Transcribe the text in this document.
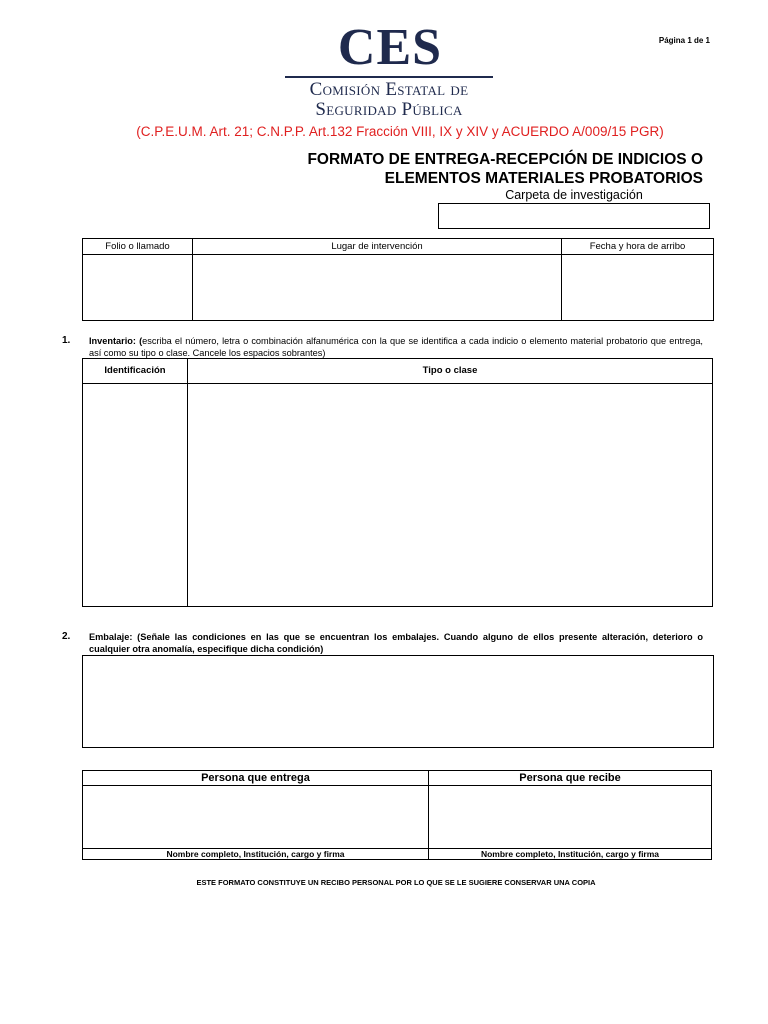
CES
Comisión Estatal de
Seguridad Pública
Página 1 de 1
(C.P.E.U.M. Art. 21; C.N.P.P. Art.132 Fracción VIII, IX y XIV y ACUERDO A/009/15 PGR)
FORMATO DE ENTREGA-RECEPCIÓN DE INDICIOS O
ELEMENTOS MATERIALES PROBATORIOS
Carpeta de investigación
Folio o llamado	Lugar de intervención	Fecha y hora de arribo
1. Inventario: (escriba el número, letra o combinación alfanumérica con la que se identifica a cada indicio o elemento material probatorio que entrega, así como su tipo o clase. Cancele los espacios sobrantes)
Identificación	Tipo o clase
2. Embalaje: (Señale las condiciones en las que se encuentran los embalajes. Cuando alguno de ellos presente alteración, deterioro o cualquier otra anomalía, especifique dicha condición)
Persona que entrega	Persona que recibe
Nombre completo, Institución, cargo y firma	Nombre completo, Institución, cargo y firma
ESTE FORMATO CONSTITUYE UN RECIBO PERSONAL POR LO QUE SE LE SUGIERE CONSERVAR UNA COPIA
